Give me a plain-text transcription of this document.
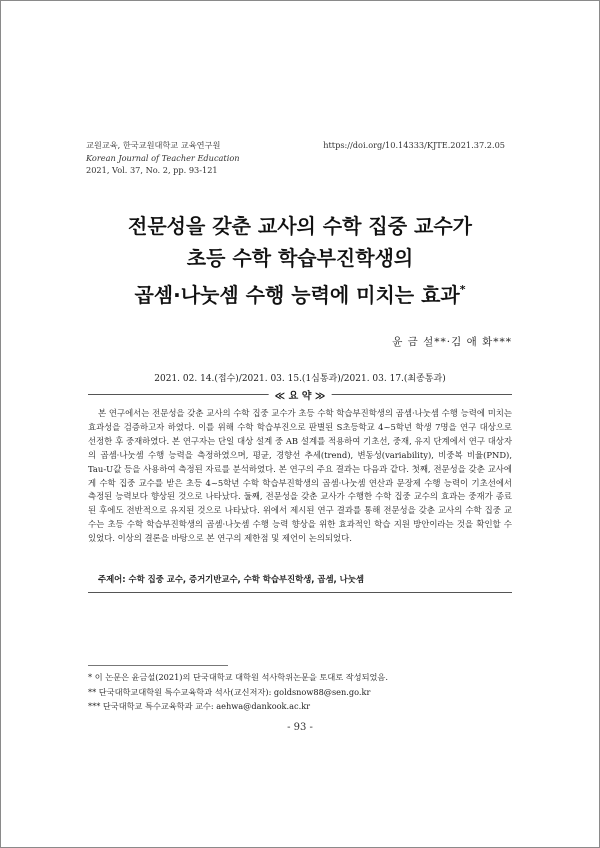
교원교육, 한국교원대학교 교육연구원
Korean Journal of Teacher Education
2021, Vol. 37, No. 2, pp. 93-121
https://doi.org/10.14333/KJTE.2021.37.2.05
전문성을 갖춘 교사의 수학 집중 교수가
초등 수학 학습부진학생의
곱셈·나눗셈 수행 능력에 미치는 효과*
윤 금 설**·김 애 화***
2021. 02. 14.(접수)/2021. 03. 15.(1심통과)/2021. 03. 17.(최종통과)
≪ 요 약 ≫
본 연구에서는 전문성을 갖춘 교사의 수학 집중 교수가 초등 수학 학습부진학생의 곱셈·나눗셈 수행 능력에 미치는 효과성을 검증하고자 하였다. 이를 위해 수학 학습부진으로 판별된 S초등학교 4~5학년 학생 7명을 연구 대상으로 선정한 후 중재하였다. 본 연구자는 단일 대상 설계 중 AB 설계를 적용하여 기초선, 중재, 유지 단계에서 연구 대상자의 곱셈·나눗셈 수행 능력을 측정하였으며, 평균, 경향선 추세(trend), 변동성(variability), 비중복 비율(PND), Tau-U값 등을 사용하여 측정된 자료를 분석하였다. 본 연구의 주요 결과는 다음과 같다. 첫째, 전문성을 갖춘 교사에게 수학 집중 교수를 받은 초등 4~5학년 수학 학습부진학생의 곱셈·나눗셈 연산과 문장제 수행 능력이 기초선에서 측정된 능력보다 향상된 것으로 나타났다. 둘째, 전문성을 갖춘 교사가 수행한 수학 집중 교수의 효과는 중재가 종료된 후에도 전반적으로 유지된 것으로 나타났다. 위에서 제시된 연구 결과를 통해 전문성을 갖춘 교사의 수학 집중 교수는 초등 수학 학습부진학생의 곱셈·나눗셈 수행 능력 향상을 위한 효과적인 학습 지원 방안이라는 것을 확인할 수 있었다. 이상의 결론을 바탕으로 본 연구의 제한점 및 제언이 논의되었다.
주제어: 수학 집중 교수, 증거기반교수, 수학 학습부진학생, 곱셈, 나눗셈
* 이 논문은 윤금설(2021)의 단국대학교 대학원 석사학위논문을 토대로 작성되었음.
** 단국대학교대학원 특수교육학과 석사(교신저자): goldsnow88@sen.go.kr
*** 단국대학교 특수교육학과 교수: aehwa@dankook.ac.kr
- 93 -
